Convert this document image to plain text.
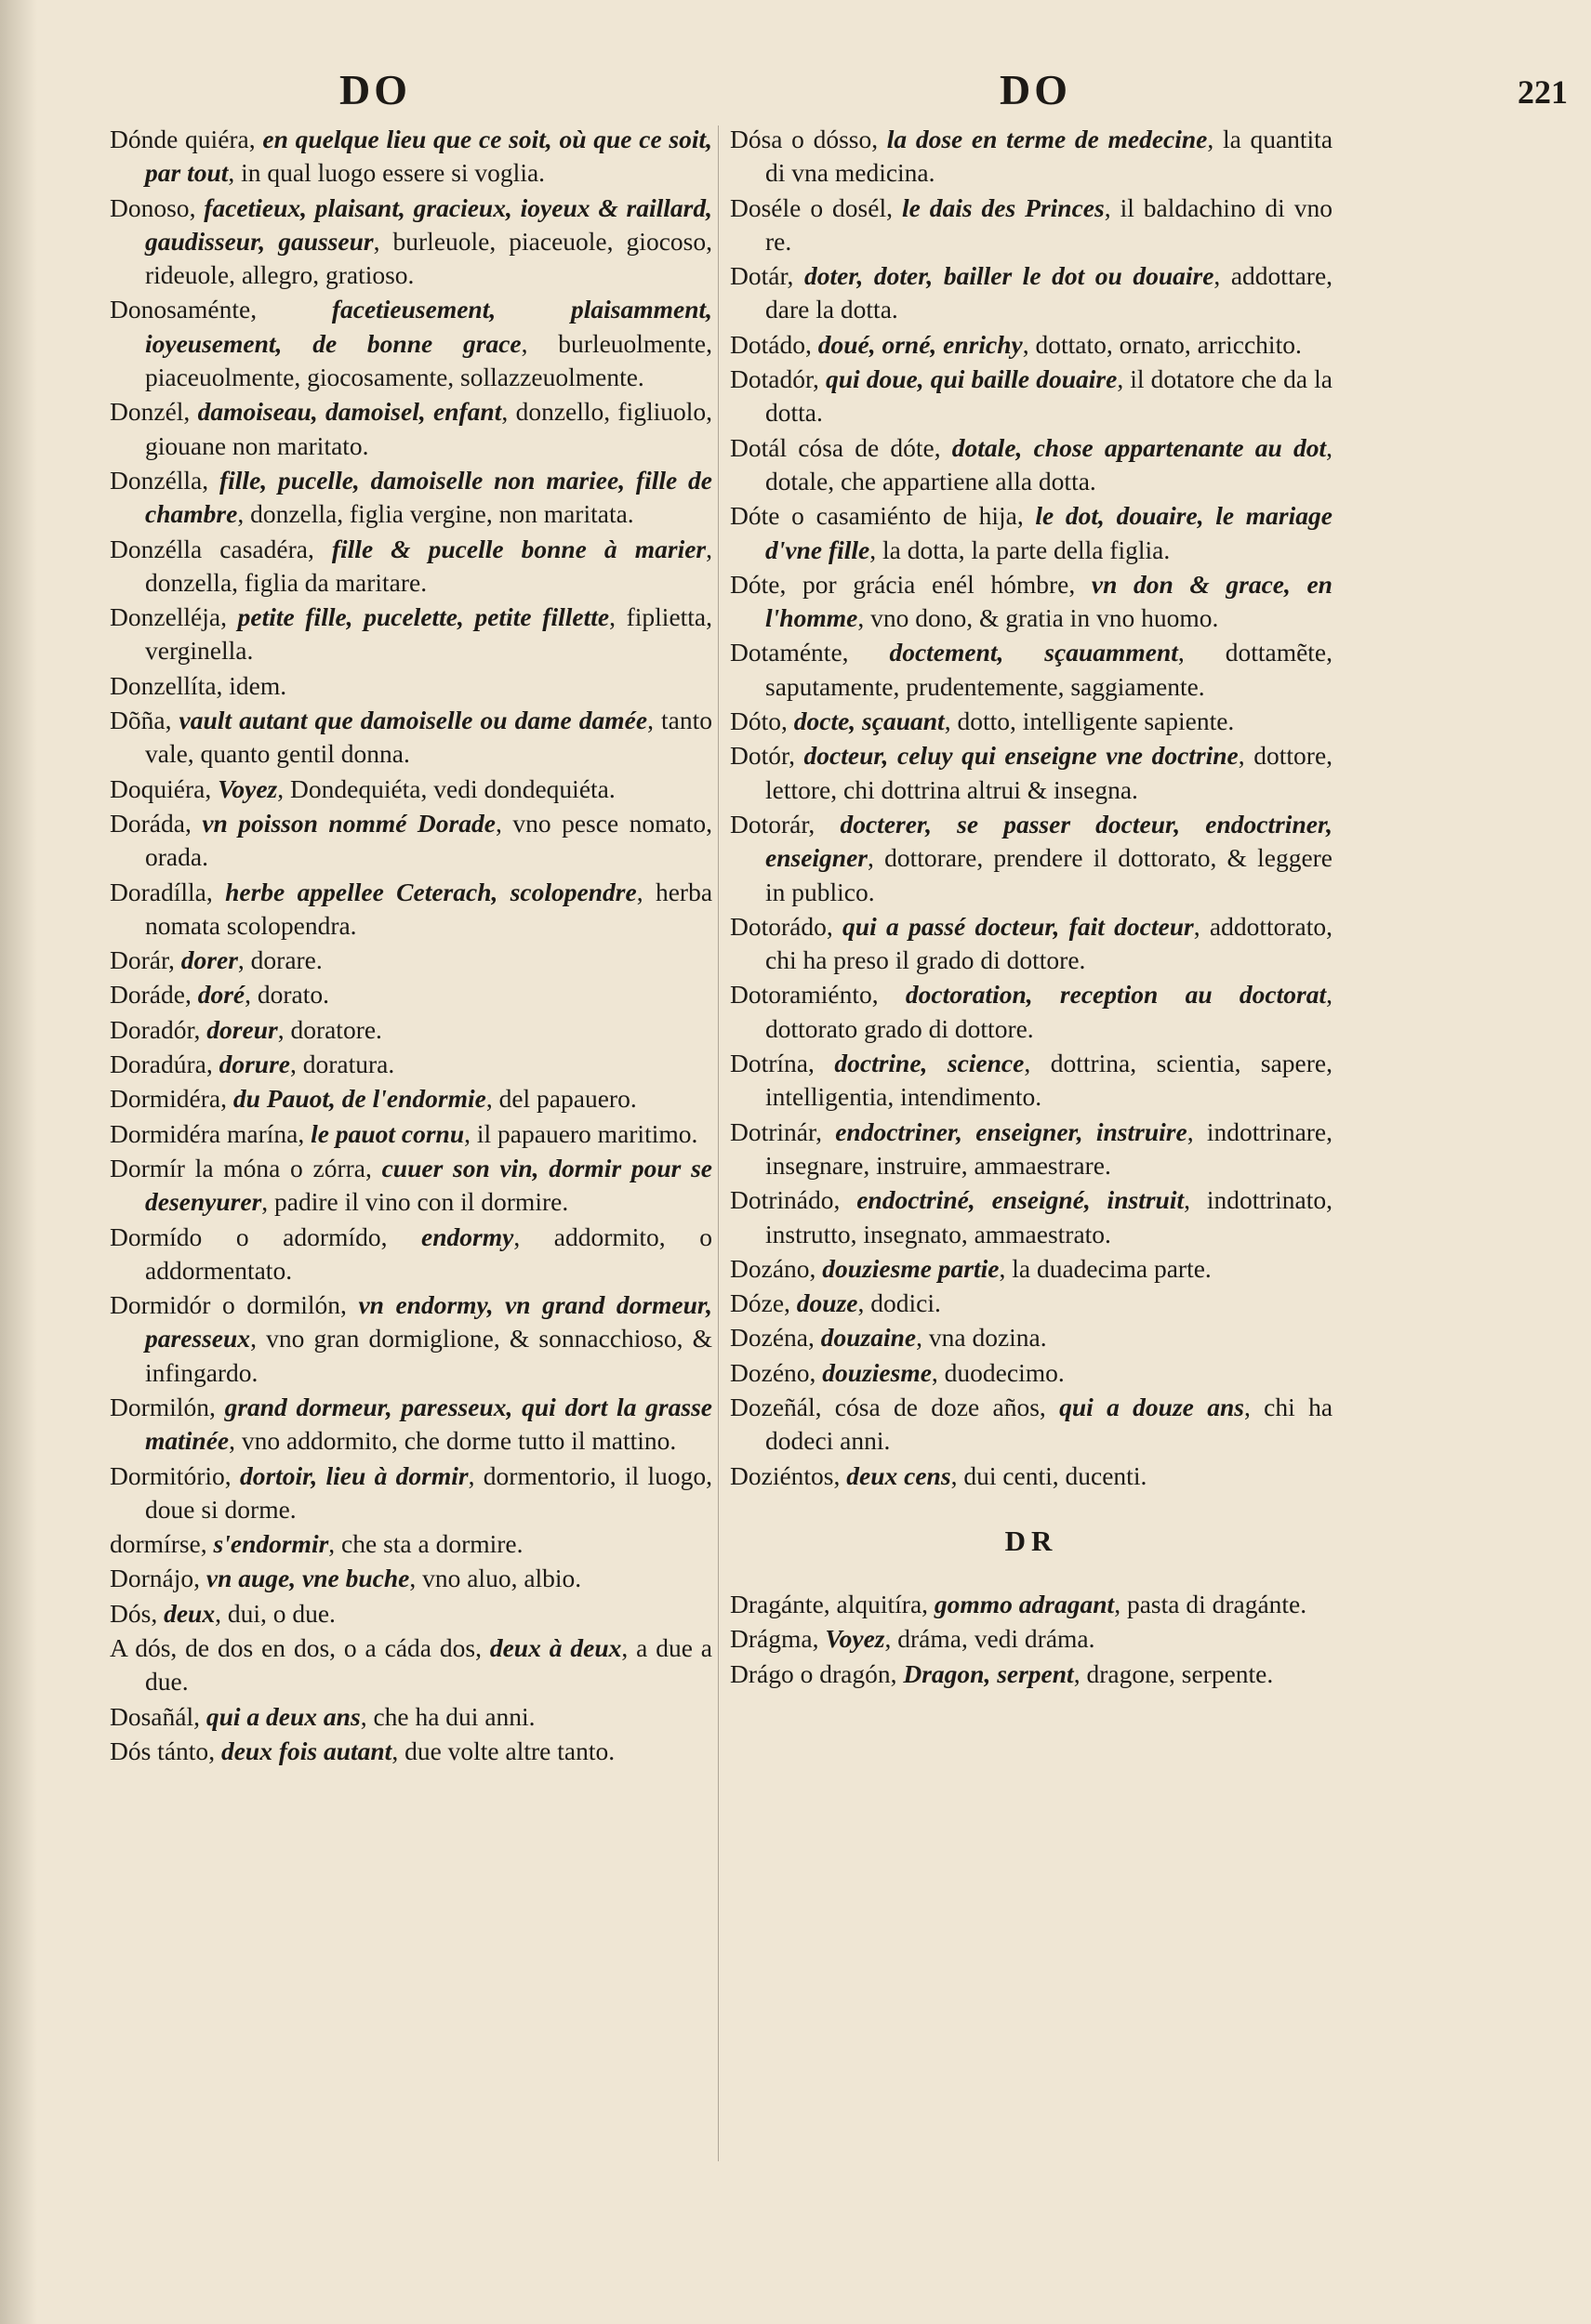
DO	DO	221

Dónde quiéra, en quelque lieu que ce soit, où que ce soit, par tout, in qual luogo essere si voglia.

Donoso, facetieux, plaisant, gracieux, ioyeux & raillard, gaudisseur, gausseur, burleuole, piaceuole, giocoso, rideuole, allegro, gratioso.

Donosaménte, facetieusement, plaisamment, ioyeusement, de bonne grace, burleuolmente, piaceuolmente, giocosamente, sollazzeuolmente.

Donzél, damoiseau, damoisel, enfant, donzello, figliuolo, giouane non maritato.

Donzélla, fille, pucelle, damoiselle non mariee, fille de chambre, donzella, figlia vergine, non maritata.

Donzélla casadéra, fille & pucelle bonne à marier, donzella, figlia da maritare.

Donzelléja, petite fille, pucelette, petite fillette, fiplietta, verginella.

Donzellíta, idem.

Dõña, vault autant que damoiselle ou dame damée, tanto vale, quanto gentil donna.

Doquiéra, Voyez, Dondequiéta, vedi dondequiéta.

Doráda, vn poisson nommé Dorade, vno pesce nomato, orada.

Doradílla, herbe appellee Ceterach, scolopendre, herba nomata scolopendra.

Dorár, dorer, dorare.

Doráde, doré, dorato.

Doradór, doreur, doratore.

Doradúra, dorure, doratura.

Dormidéra, du Pauot, de l'endormie, del papauero.

Dormidéra marína, le pauot cornu, il papauero maritimo.

Dormír la móna o zórra, cuuer son vin, dormir pour se desenyurer, padire il vino con il dormire.

Dormído o adormído, endormy, addormito, o addormentato.

Dormidór o dormilón, vn endormy, vn grand dormeur, paresseux, vno gran dormiglione, & sonnacchioso, & infingardo.

Dormilón, grand dormeur, paresseux, qui dort la grasse matinée, vno addormito, che dorme tutto il mattino.

Dormitório, dortoir, lieu à dormir, dormentorio, il luogo, doue si dorme.

dormírse, s'endormir, che sta a dormire.

Dornájo, vn auge, vne buche, vno aluo, albio.

Dós, deux, dui, o due.

A dós, de dos en dos, o a cáda dos, deux à deux, a due a due.

Dosañál, qui a deux ans, che ha dui anni.

Dós tánto, deux fois autant, due volte altre tanto.

Dósa o dósso, la dose en terme de medecine, la quantita di vna medicina.

Doséle o dosél, le dais des Princes, il baldachino di vno re.

Dotár, doter, doter, bailler le dot ou douaire, addottare, dare la dotta.

Dotádo, doué, orné, enrichy, dottato, ornato, arricchito.

Dotadór, qui doue, qui baille douaire, il dotatore che da la dotta.

Dotál cósa de dóte, dotale, chose appartenante au dot, dotale, che appartiene alla dotta.

Dóte o casamiénto de hija, le dot, douaire, le mariage d'vne fille, la dotta, la parte della figlia.

Dóte, por grácia enél hómbre, vn don & grace, en l'homme, vno dono, & gratia in vno huomo.

Dotaménte, doctement, sçauamment, dottamẽte, saputamente, prudentemente, saggiamente.

Dóto, docte, sçauant, dotto, intelligente sapiente.

Dotór, docteur, celuy qui enseigne vne doctrine, dottore, lettore, chi dottrina altrui & insegna.

Dotorár, docterer, se passer docteur, endoctriner, enseigner, dottorare, prendere il dottorato, & leggere in publico.

Dotorádo, qui a passé docteur, fait docteur, addottorato, chi ha preso il grado di dottore.

Dotoramiénto, doctoration, reception au doctorat, dottorato grado di dottore.

Dotrína, doctrine, science, dottrina, scientia, sapere, intelligentia, intendimento.

Dotrinár, endoctriner, enseigner, instruire, indottrinare, insegnare, instruire, ammaestrare.

Dotrinádo, endoctriné, enseigné, instruit, indottrinato, instrutto, insegnato, ammaestrato.

Dozáno, douziesme partie, la duadecima parte.

Dóze, douze, dodici.

Dozéna, douzaine, vna dozina.

Dozéno, douziesme, duodecimo.

Dozeñál, cósa de doze años, qui a douze ans, chi ha dodeci anni.

Doziéntos, deux cens, dui centi, ducenti.

DR

Dragánte, alquitíra, gommo adragant, pasta di dragánte.

Drágma, Voyez, dráma, vedi dráma.

Drágo o dragón, Dragon, serpent, dragone, serpente.
